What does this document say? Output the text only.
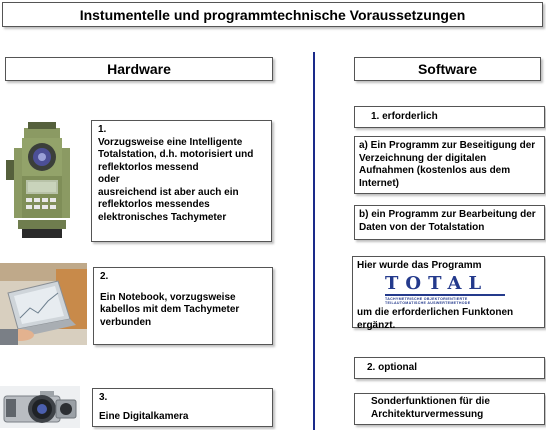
Instumentelle und programmtechnische Voraussetzungen
Hardware	Software
1.
Vorzugsweise eine Intelligente Totalstation, d.h. motorisiert und reflektorlos messend
oder
ausreichend ist aber auch ein reflektorlos messendes elektronisches Tachymeter
2.
Ein Notebook, vorzugsweise kabellos mit dem Tachymeter verbunden
3.
Eine Digitalkamera
1. erforderlich
a) Ein Programm zur Beseitigung der Verzeichnung der digitalen Aufnahmen (kostenlos aus dem Internet)
b) ein Programm zur Bearbeitung der Daten von der Totalstation
Hier wurde das Programm
TOTAL
TACHYMETRISCHE OBJEKTORIENTIERTE
TEILAUTOMATISCHE AUSWERTEMETHODE
um die erforderlichen Funktonen ergänzt.
2. optional
Sonderfunktionen für die Architekturvermessung
